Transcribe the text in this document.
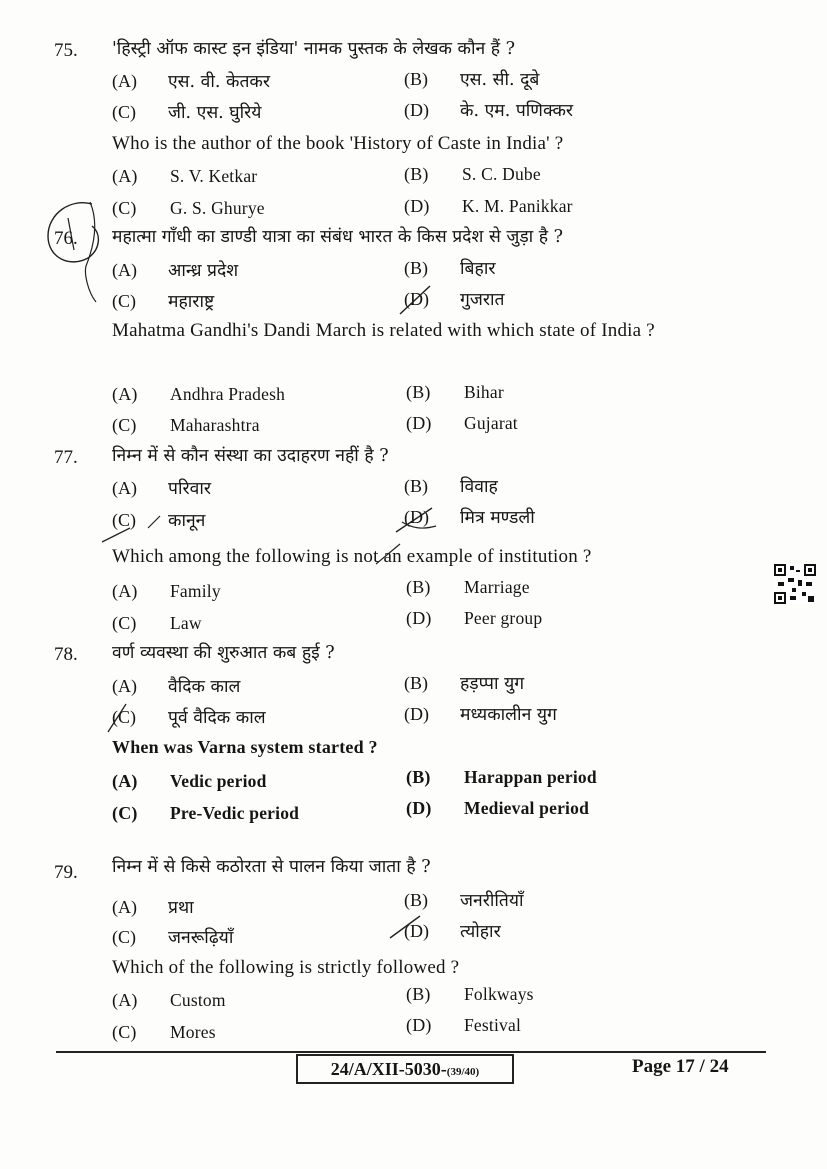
75. 'हिस्ट्री ऑफ कास्ट इन इंडिया' नामक पुस्तक के लेखक कौन हैं ?
(A) एस. वी. केतकर	(B) एस. सी. दूबे
(C) जी. एस. घुरिये	(D) के. एम. पणिक्कर
Who is the author of the book 'History of Caste in India' ?
(A) S. V. Ketkar	(B) S. C. Dube
(C) G. S. Ghurye	(D) K. M. Panikkar
76. महात्मा गाँधी का डाण्डी यात्रा का संबंध भारत के किस प्रदेश से जुड़ा है ?
(A) आन्ध्र प्रदेश	(B) बिहार
(C) महाराष्ट्र	(D) गुजरात
Mahatma Gandhi's Dandi March is related with which state of India ?
(A) Andhra Pradesh	(B) Bihar
(C) Maharashtra	(D) Gujarat
77. निम्न में से कौन संस्था का उदाहरण नहीं है ?
(A) परिवार	(B) विवाह
(C) कानून	(D) मित्र मण्डली
Which among the following is not an example of institution ?
(A) Family	(B) Marriage
(C) Law	(D) Peer group
78. वर्ण व्यवस्था की शुरुआत कब हुई ?
(A) वैदिक काल	(B) हड़प्पा युग
(C) पूर्व वैदिक काल	(D) मध्यकालीन युग
When was Varna system started ?
(A) Vedic period	(B) Harappan period
(C) Pre-Vedic period	(D) Medieval period
79. निम्न में से किसे कठोरता से पालन किया जाता है ?
(A) प्रथा	(B) जनरीतियाँ
(C) जनरूढ़ियाँ	(D) त्योहार
Which of the following is strictly followed ?
(A) Custom	(B) Folkways
(C) Mores	(D) Festival
24/A/XII-5030-(39/40)	Page 17 / 24
